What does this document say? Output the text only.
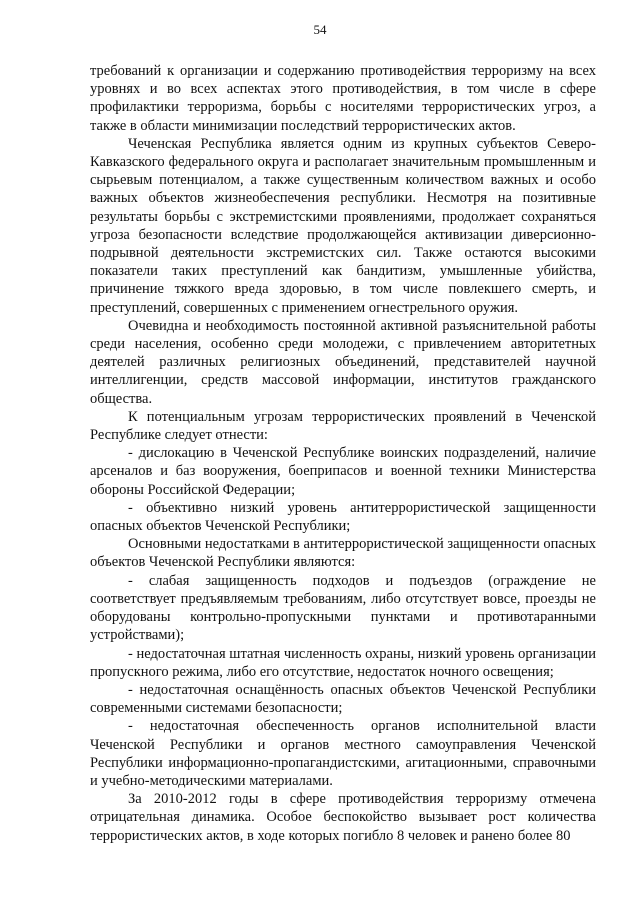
54

требований к организации и содержанию противодействия терроризму на всех уровнях и во всех аспектах этого противодействия, в том числе в сфере профилактики терроризма, борьбы с носителями террористических угроз, а также в области минимизации последствий террористических актов.

Чеченская Республика является одним из крупных субъектов Северо-Кавказского федерального округа и располагает значительным промышленным и сырьевым потенциалом, а также существенным количеством важных и особо важных объектов жизнеобеспечения республики. Несмотря на позитивные результаты борьбы с экстремистскими проявлениями, продолжает сохраняться угроза безопасности вследствие продолжающейся активизации диверсионно-подрывной деятельности экстремистских сил. Также остаются высокими показатели таких преступлений как бандитизм, умышленные убийства, причинение тяжкого вреда здоровью, в том числе повлекшего смерть, и преступлений, совершенных с применением огнестрельного оружия.

Очевидна и необходимость постоянной активной разъяснительной работы среди населения, особенно среди молодежи, с привлечением авторитетных деятелей различных религиозных объединений, представителей научной интеллигенции, средств массовой информации, институтов гражданского общества.

К потенциальным угрозам террористических проявлений в Чеченской Республике следует отнести:

- дислокацию в Чеченской Республике воинских подразделений, наличие арсеналов и баз вооружения, боеприпасов и военной техники Министерства обороны Российской Федерации;

- объективно низкий уровень антитеррористической защищенности опасных объектов Чеченской Республики;

Основными недостатками в антитеррористической защищенности опасных объектов Чеченской Республики являются:

- слабая защищенность подходов и подъездов (ограждение не соответствует предъявляемым требованиям, либо отсутствует вовсе, проезды не оборудованы контрольно-пропускными пунктами и противотаранными устройствами);

- недостаточная штатная численность охраны, низкий уровень организации пропускного режима, либо его отсутствие, недостаток ночного освещения;

- недостаточная оснащённость опасных объектов Чеченской Республики современными системами безопасности;

- недостаточная обеспеченность органов исполнительной власти Чеченской Республики и органов местного самоуправления Чеченской Республики информационно-пропагандистскими, агитационными, справочными и учебно-методическими материалами.

За 2010-2012 годы в сфере противодействия терроризму отмечена отрицательная динамика. Особое беспокойство вызывает рост количества террористических актов, в ходе которых погибло 8 человек и ранено более 80
